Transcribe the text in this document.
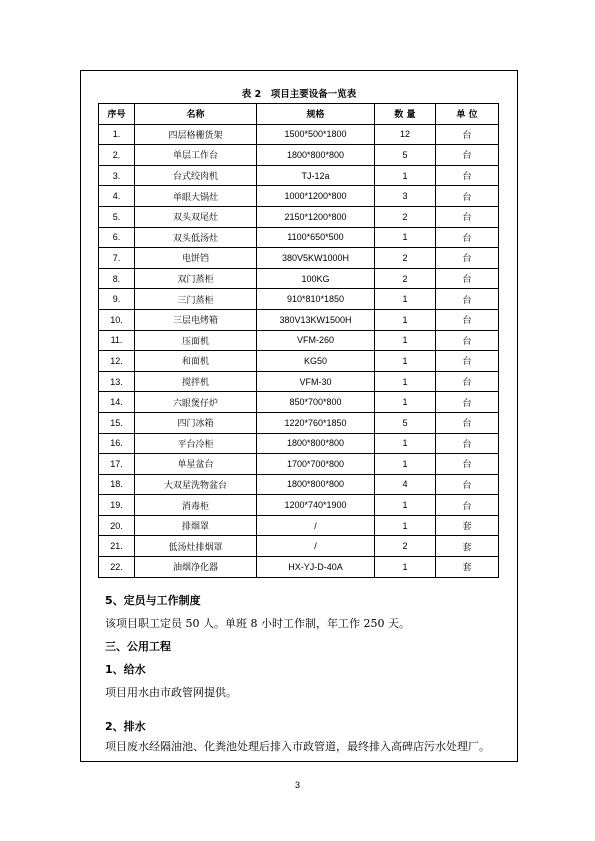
表 2　项目主要设备一览表
序号	名称	规格	数 量	单 位
1.	四层格栅货架	1500*500*1800	12	台
2.	单层工作台	1800*800*800	5	台
3.	台式绞肉机	TJ-12a	1	台
4.	单眼大锅灶	1000*1200*800	3	台
5.	双头双尾灶	2150*1200*800	2	台
6.	双头低汤灶	1100*650*500	1	台
7.	电饼铛	380V5KW1000H	2	台
8.	双门蒸柜	100KG	2	台
9.	三门蒸柜	910*810*1850	1	台
10.	三层电烤箱	380V13KW1500H	1	台
11.	压面机	VFM-260	1	台
12.	和面机	KG50	1	台
13.	搅拌机	VFM-30	1	台
14.	六眼煲仔炉	850*700*800	1	台
15.	四门冰箱	1220*760*1850	5	台
16.	平台冷柜	1800*800*800	1	台
17.	单星盆台	1700*700*800	1	台
18.	大双星洗物盆台	1800*800*800	4	台
19.	消毒柜	1200*740*1900	1	台
20.	排烟罩	/	1	套
21.	低汤灶排烟罩	/	2	套
22.	油烟净化器	HX-YJ-D-40A	1	套
5、定员与工作制度
该项目职工定员 50 人。单班 8 小时工作制，年工作 250 天。
三、公用工程
1、给水
项目用水由市政管网提供。
2、排水
项目废水经隔油池、化粪池处理后排入市政管道，最终排入高碑店污水处理厂。
3
